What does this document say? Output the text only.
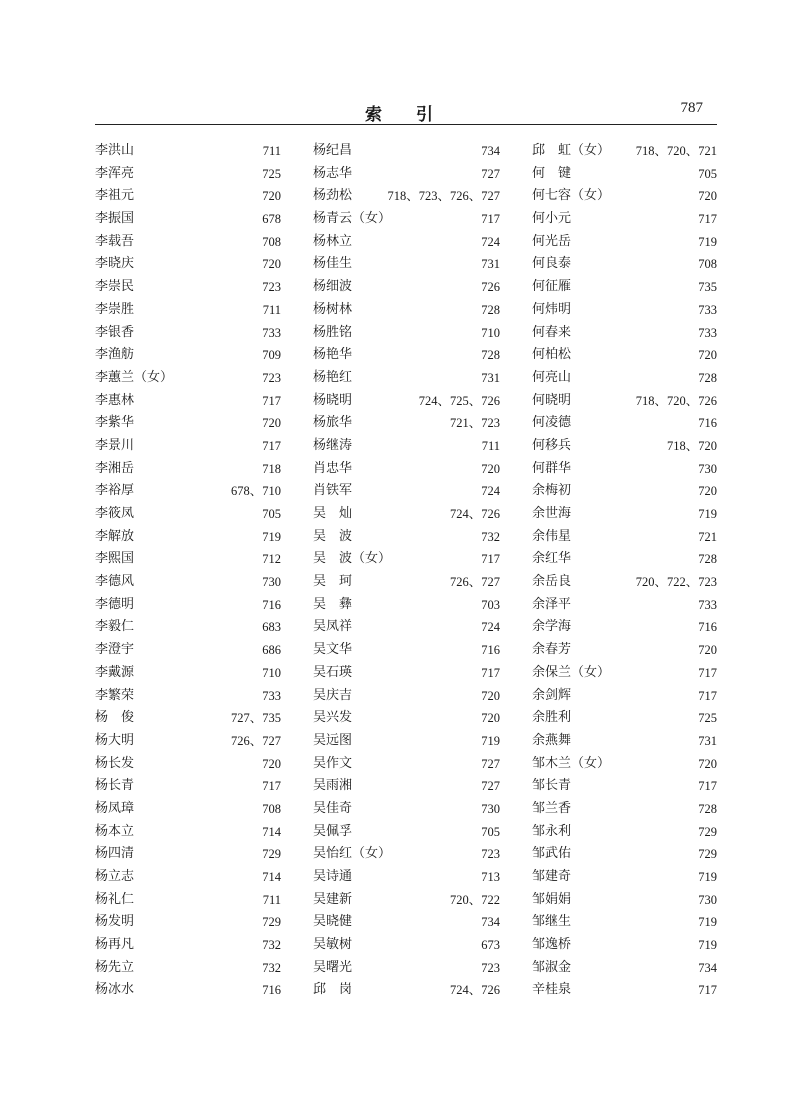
索 引	787
李洪山	711
李浑亮	725
李祖元	720
李振国	678
李载吾	708
李晓庆	720
李崇民	723
李崇胜	711
李银香	733
李渔舫	709
李蕙兰（女）	723
李惠林	717
李紫华	720
李景川	717
李湘岳	718
李裕厚	678、710
李筱凤	705
李解放	719
李熙国	712
李德风	730
李德明	716
李毅仁	683
李澄宇	686
李戴源	710
李繁荣	733
杨　俊	727、735
杨大明	726、727
杨长发	720
杨长青	717
杨凤璋	708
杨本立	714
杨四清	729
杨立志	714
杨礼仁	711
杨发明	729
杨再凡	732
杨先立	732
杨冰水	716
杨纪昌	734
杨志华	727
杨劲松	718、723、726、727
杨青云（女）	717
杨林立	724
杨佳生	731
杨细波	726
杨树林	728
杨胜铭	710
杨艳华	728
杨艳红	731
杨晓明	724、725、726
杨旅华	721、723
杨继涛	711
肖忠华	720
肖铁军	724
吴　灿	724、726
吴　波	732
吴　波（女）	717
吴　珂	726、727
吴　彝	703
吴凤祥	724
吴文华	716
吴石瑛	717
吴庆吉	720
吴兴发	720
吴远图	719
吴作文	727
吴雨湘	727
吴佳奇	730
吴佩孚	705
吴怡红（女）	723
吴诗通	713
吴建新	720、722
吴晓健	734
吴敏树	673
吴曙光	723
邱　岗	724、726
邱　虹（女） 718、720、721
何　键	705
何七容（女）	720
何小元	717
何光岳	719
何良泰	708
何征雁	735
何炜明	733
何春来	733
何柏松	720
何亮山	728
何晓明	718、720、726
何凌德	716
何移兵	718、720
何群华	730
余梅初	720
余世海	719
余伟星	721
余红华	728
余岳良	720、722、723
余泽平	733
余学海	716
余春芳	720
余保兰（女）	717
余剑辉	717
余胜利	725
余燕舞	731
邹木兰（女）	720
邹长青	717
邹兰香	728
邹永利	729
邹武佑	729
邹建奇	719
邹娟娟	730
邹继生	719
邹逸桥	719
邹淑金	734
辛桂泉	717
